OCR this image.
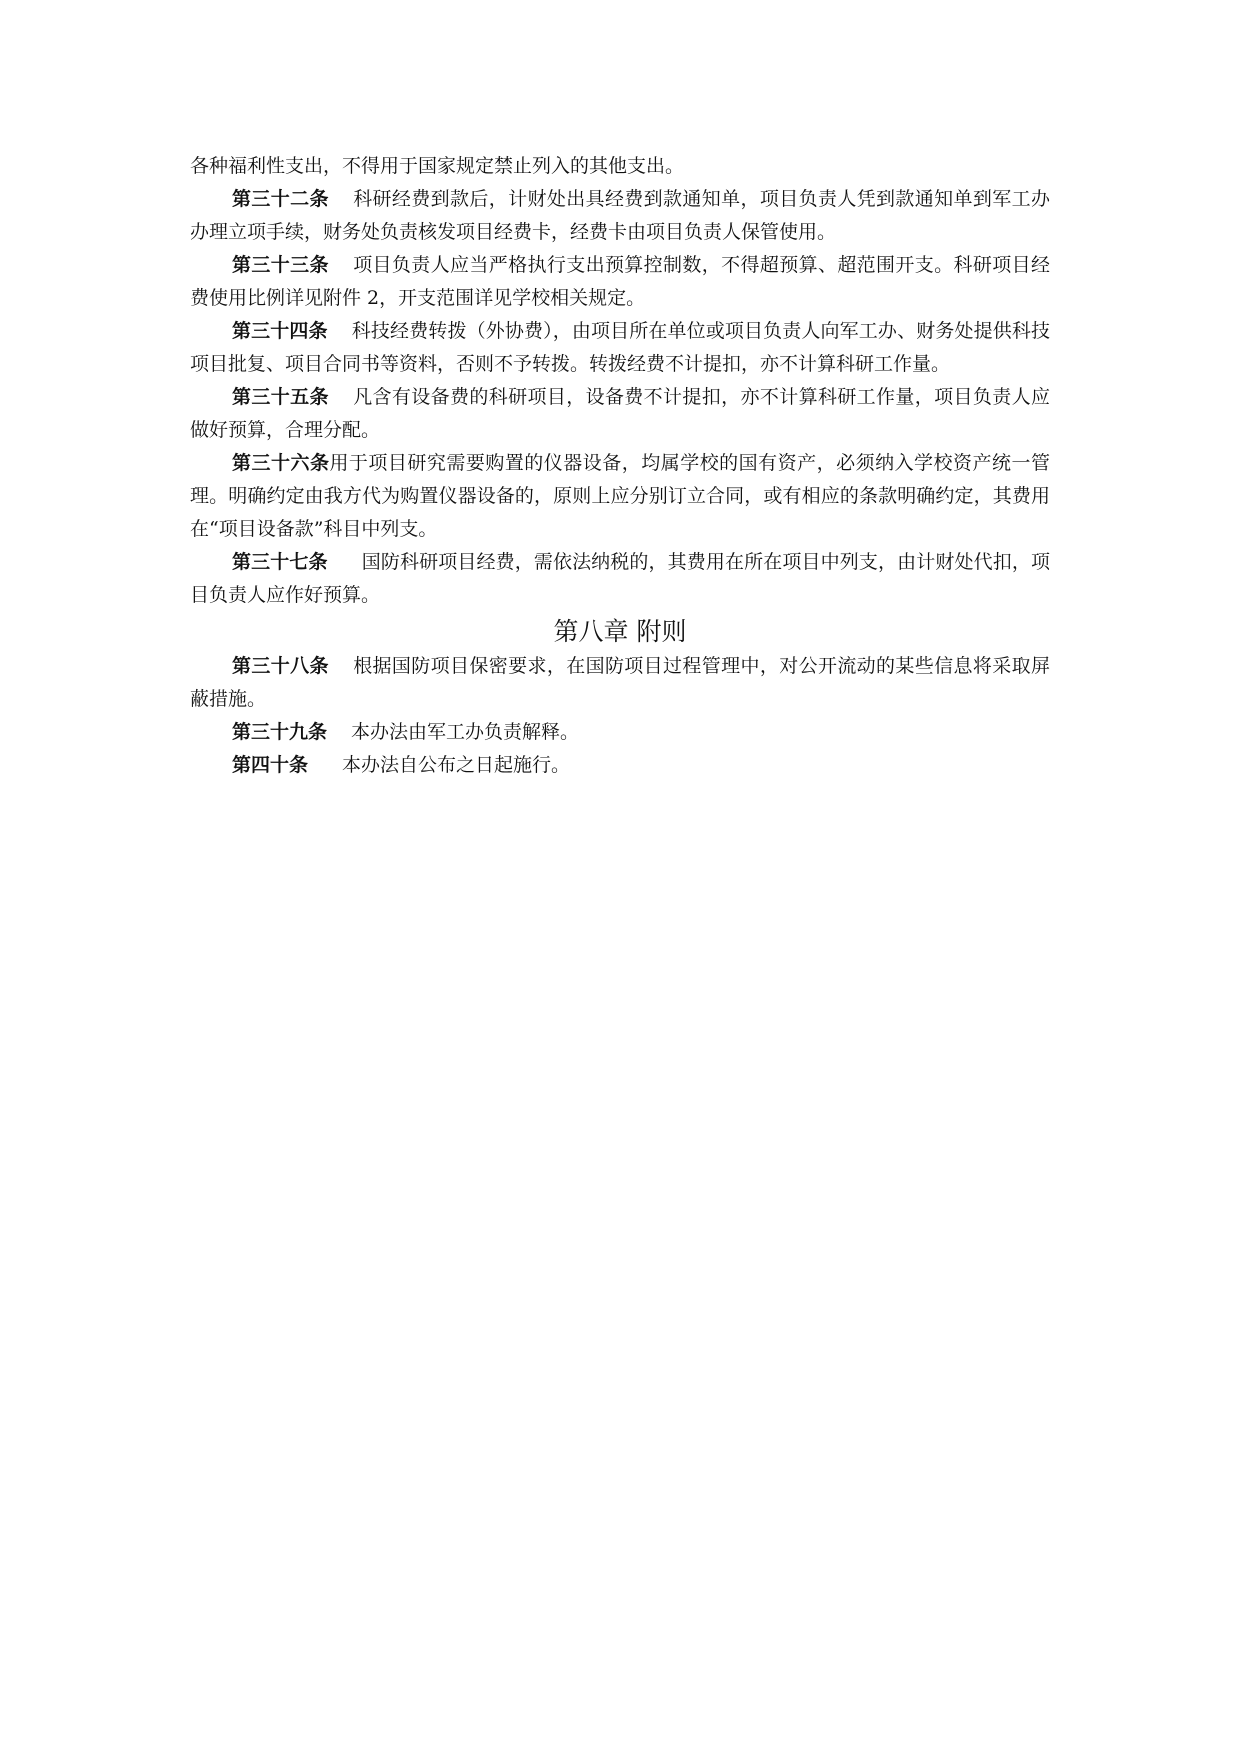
各种福利性支出，不得用于国家规定禁止列入的其他支出。

第三十二条 科研经费到款后，计财处出具经费到款通知单，项目负责人凭到款通知单到军工办办理立项手续，财务处负责核发项目经费卡，经费卡由项目负责人保管使用。

第三十三条 项目负责人应当严格执行支出预算控制数，不得超预算、超范围开支。科研项目经费使用比例详见附件 2，开支范围详见学校相关规定。

第三十四条 科技经费转拨（外协费），由项目所在单位或项目负责人向军工办、财务处提供科技项目批复、项目合同书等资料，否则不予转拨。转拨经费不计提扣，亦不计算科研工作量。

第三十五条 凡含有设备费的科研项目，设备费不计提扣，亦不计算科研工作量，项目负责人应做好预算，合理分配。

第三十六条用于项目研究需要购置的仪器设备，均属学校的国有资产，必须纳入学校资产统一管理。明确约定由我方代为购置仪器设备的，原则上应分别订立合同，或有相应的条款明确约定，其费用在“项目设备款”科目中列支。

第三十七条 国防科研项目经费，需依法纳税的，其费用在所在项目中列支，由计财处代扣，项目负责人应作好预算。

第八章 附则

第三十八条 根据国防项目保密要求，在国防项目过程管理中，对公开流动的某些信息将采取屏蔽措施。

第三十九条 本办法由军工办负责解释。

第四十条 本办法自公布之日起施行。
